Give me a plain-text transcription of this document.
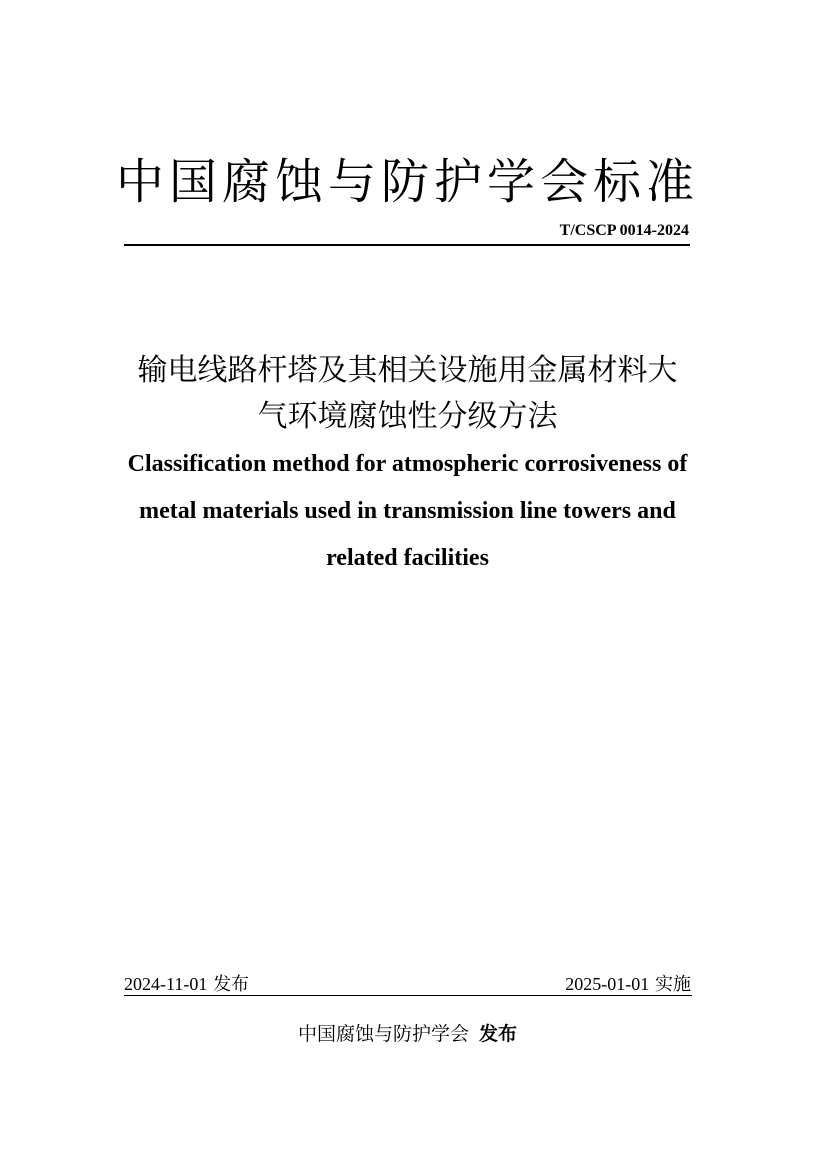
中国腐蚀与防护学会标准
T/CSCP 0014-2024
输电线路杆塔及其相关设施用金属材料大
气环境腐蚀性分级方法
Classification method for atmospheric corrosiveness of
metal materials used in transmission line towers and
related facilities
2024-11-01 发布	2025-01-01 实施
中国腐蚀与防护学会 发布
